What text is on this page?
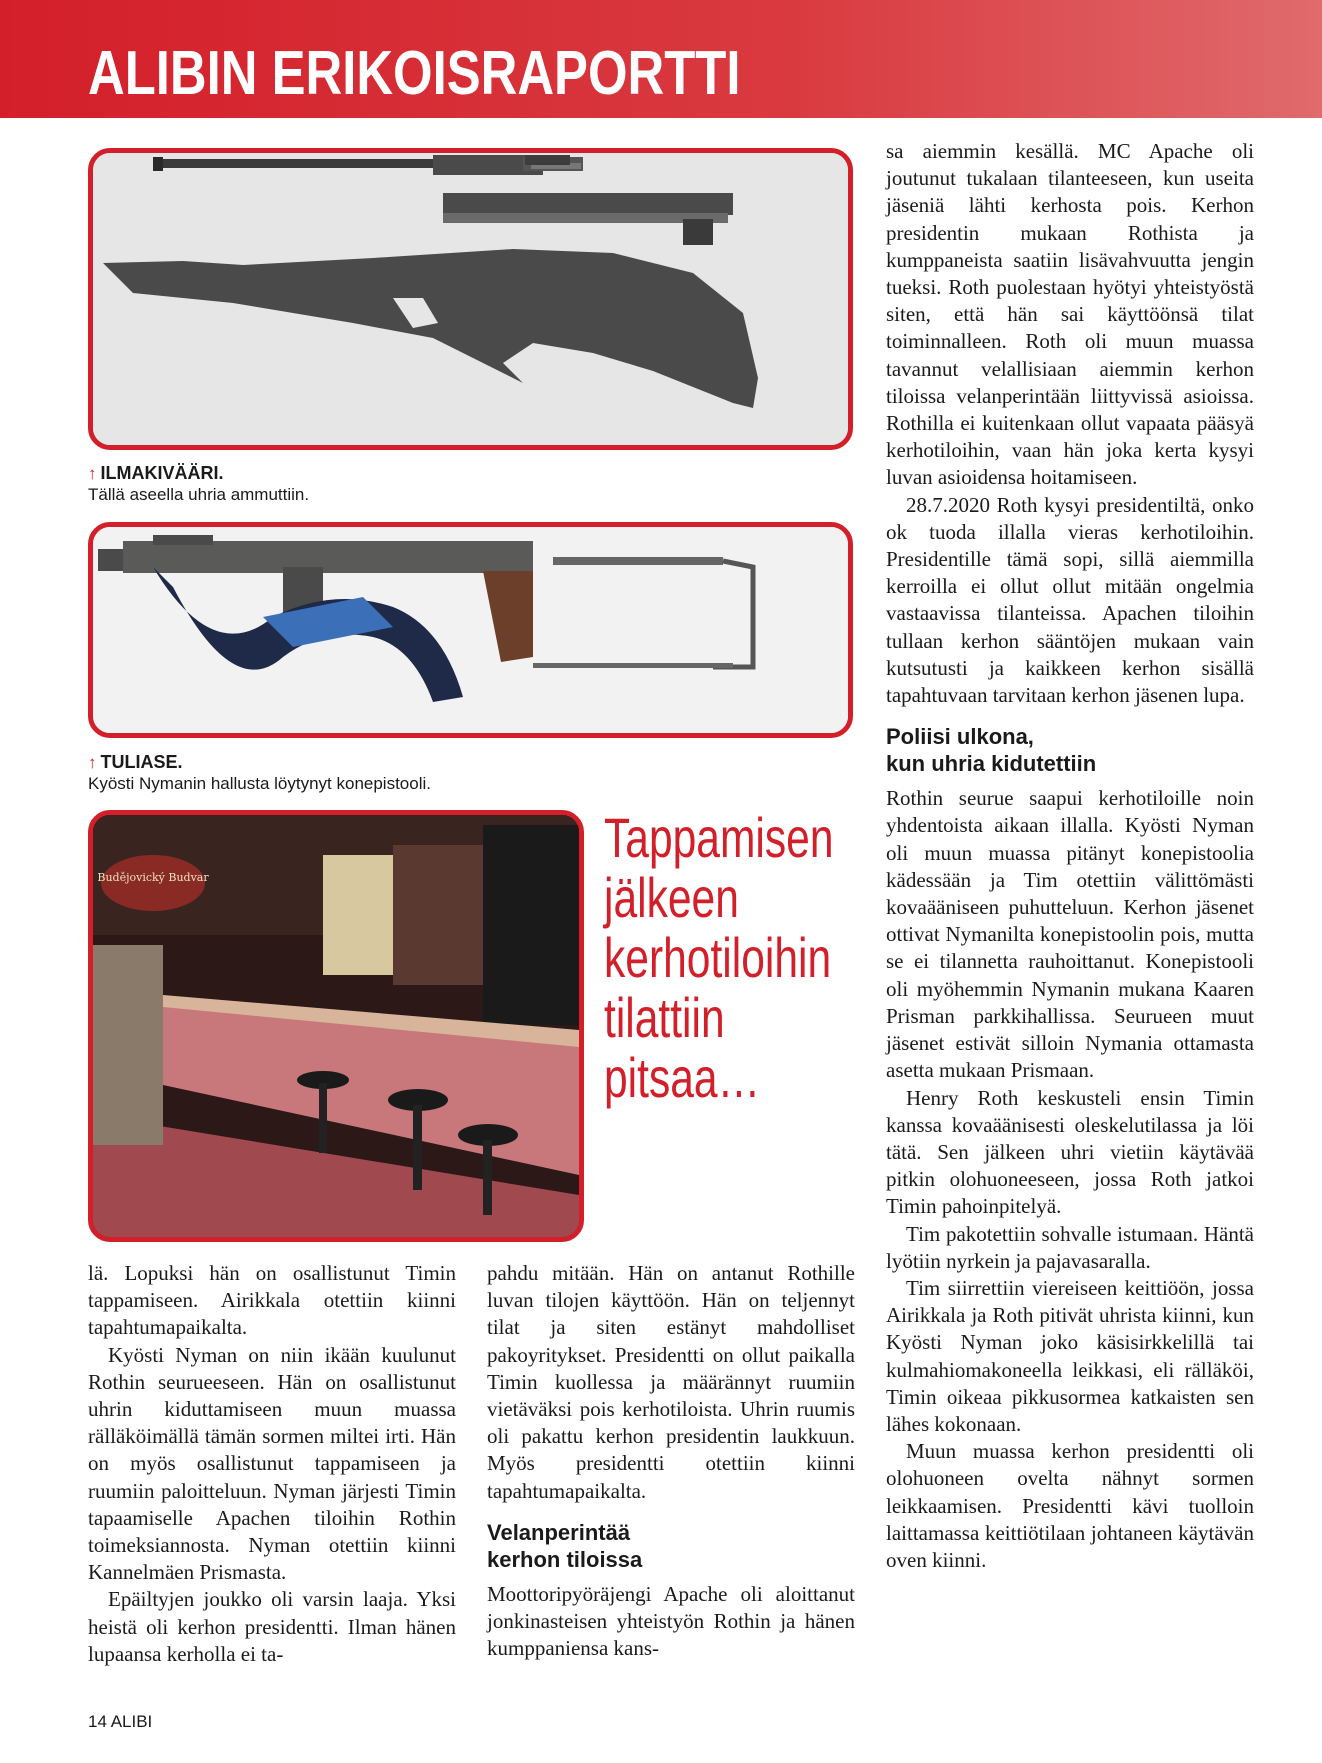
ALIBIN ERIKOISRAPORTTI
↑ ILMAKIVÄÄRI.
Tällä aseella uhria ammuttiin.
↑ TULIASE.
Kyösti Nymanin hallusta löytynyt konepistooli.
Budějovický Budvar
Tappamisen
jälkeen
kerhotiloihin
tilattiin
pitsaa…

lä. Lopuksi hän on osallistunut Timin tappamiseen. Airikkala otettiin kiinni tapahtumapaikalta.

Kyösti Nyman on niin ikään kuulunut Rothin seurueeseen. Hän on osallistunut uhrin kiduttamiseen muun muassa rälläköimällä tämän sormen miltei irti. Hän on myös osallistunut tappamiseen ja ruumiin paloitteluun. Nyman järjesti Timin tapaamiselle Apachen tiloihin Rothin toimeksiannosta. Nyman otettiin kiinni Kannelmäen Prismasta.

Epäiltyjen joukko oli varsin laaja. Yksi heistä oli kerhon presidentti. Ilman hänen lupaansa kerholla ei ta-

pahdu mitään. Hän on antanut Rothille luvan tilojen käyttöön. Hän on teljennyt tilat ja siten estänyt mahdolliset pakoyritykset. Presidentti on ollut paikalla Timin kuollessa ja määrännyt ruumiin vietäväksi pois kerhotiloista. Uhrin ruumis oli pakattu kerhon presidentin laukkuun. Myös presidentti otettiin kiinni tapahtumapaikalta.

Velanperintää
kerhon tiloissa

Moottoripyöräjengi Apache oli aloittanut jonkinasteisen yhteistyön Rothin ja hänen kumppaniensa kans-

sa aiemmin kesällä. MC Apache oli joutunut tukalaan tilanteeseen, kun useita jäseniä lähti kerhosta pois. Kerhon presidentin mukaan Rothista ja kumppaneista saatiin lisävahvuutta jengin tueksi. Roth puolestaan hyötyi yhteistyöstä siten, että hän sai käyttöönsä tilat toiminnalleen. Roth oli muun muassa tavannut velallisiaan aiemmin kerhon tiloissa velanperintään liittyvissä asioissa. Rothilla ei kuitenkaan ollut vapaata pääsyä kerhotiloihin, vaan hän joka kerta kysyi luvan asioidensa hoitamiseen.

28.7.2020 Roth kysyi presidentiltä, onko ok tuoda illalla vieras kerhotiloihin. Presidentille tämä sopi, sillä aiemmilla kerroilla ei ollut ollut mitään ongelmia vastaavissa tilanteissa. Apachen tiloihin tullaan kerhon sääntöjen mukaan vain kutsutusti ja kaikkeen kerhon sisällä tapahtuvaan tarvitaan kerhon jäsenen lupa.

Poliisi ulkona,
kun uhria kidutettiin

Rothin seurue saapui kerhotiloille noin yhdentoista aikaan illalla. Kyösti Nyman oli muun muassa pitänyt konepistoolia kädessään ja Tim otettiin välittömästi kovaääniseen puhutteluun. Kerhon jäsenet ottivat Nymanilta konepistoolin pois, mutta se ei tilannetta rauhoittanut. Konepistooli oli myöhemmin Nymanin mukana Kaaren Prisman parkkihallissa. Seurueen muut jäsenet estivät silloin Nymania ottamasta asetta mukaan Prismaan.

Henry Roth keskusteli ensin Timin kanssa kovaäänisesti oleskelutilassa ja löi tätä. Sen jälkeen uhri vietiin käytävää pitkin olohuoneeseen, jossa Roth jatkoi Timin pahoinpitelyä.

Tim pakotettiin sohvalle istumaan. Häntä lyötiin nyrkein ja pajavasaralla.

Tim siirrettiin viereiseen keittiöön, jossa Airikkala ja Roth pitivät uhrista kiinni, kun Kyösti Nyman joko käsisirkkelillä tai kulmahiomakoneella leikkasi, eli rälläköi, Timin oikeaa pikkusormea katkaisten sen lähes kokonaan.

Muun muassa kerhon presidentti oli olohuoneen ovelta nähnyt sormen leikkaamisen. Presidentti kävi tuolloin laittamassa keittiötilaan johtaneen käytävän oven kiinni.

14 ALIBI
